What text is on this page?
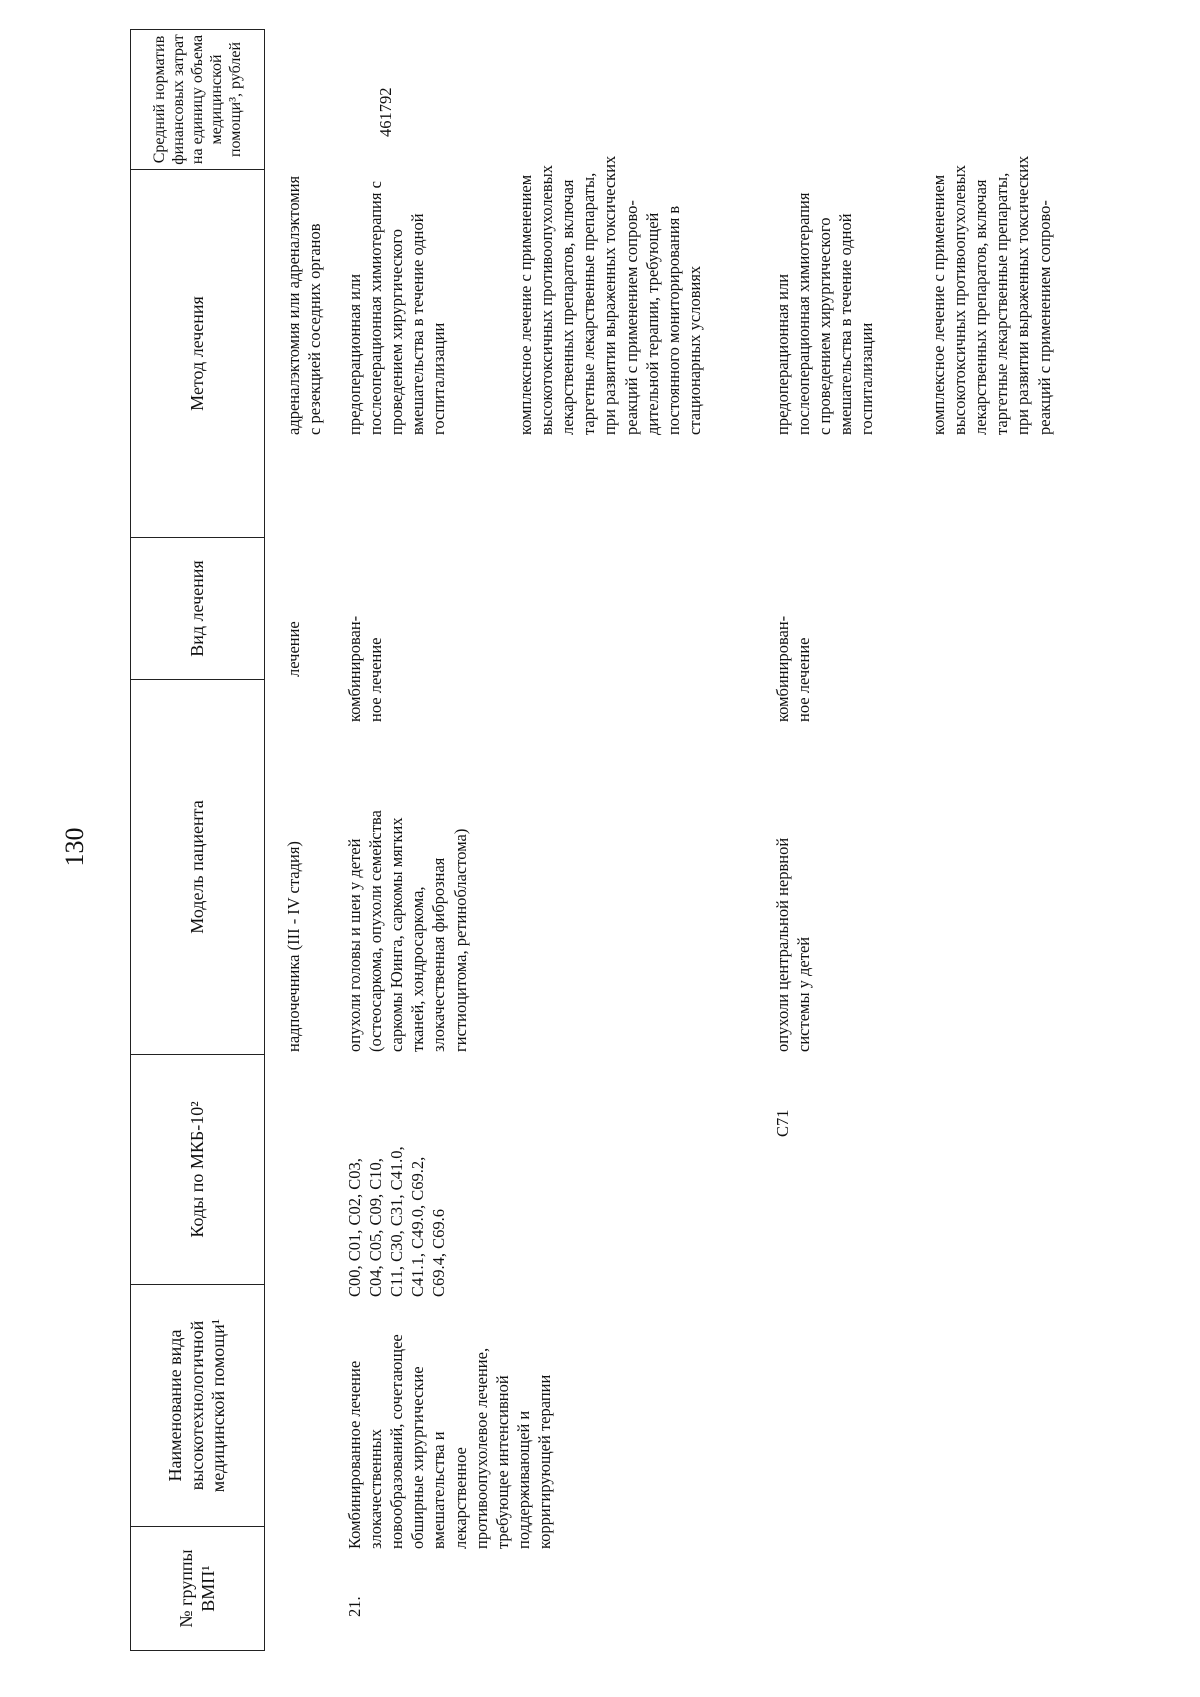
130
№ группы ВМП¹
Наименование вида высокотехнологичной медицинской помощи¹
Коды по МКБ-10²
Модель пациента
Вид лечения
Метод лечения
Средний норматив финансовых затрат на единицу объема медицинской помощи³, рублей
надпочечника (III - IV стадия)
лечение
адреналэктомия или адреналэктомия
с резекцией соседних органов
21.
Комбинированное лечение
злокачественных
новообразований, сочетающее
обширные хирургические
вмешательства и
лекарственное
противоопухолевое лечение,
требующее интенсивной
поддерживающей и
корригирующей терапии
C00, C01, C02, C03,
C04, C05, C09, C10,
C11, C30, C31, C41.0,
C41.1, C49.0, C69.2,
C69.4, C69.6
опухоли головы и шеи у детей
(остеосаркома, опухоли семейства
саркомы Юинга, саркомы мягких
тканей, хондросаркома,
злокачественная фиброзная
гистиоцитома, ретинобластома)
комбинирован-
ное лечение
предоперационная или
послеоперационная химиотерапия с
проведением хирургического
вмешательства в течение одной
госпитализации	комплексное лечение с применением
высокотоксичных противоопухолевых
лекарственных препаратов, включая
таргетные лекарственные препараты,
при развитии выраженных токсических
реакций с применением сопрово-
дительной терапии, требующей
постоянного мониторирования в
стационарных условиях
461792
C71
опухоли центральной нервной
системы у детей
комбинирован-
ное лечение
предоперационная или
послеоперационная химиотерапия
с проведением хирургического
вмешательства в течение одной
госпитализации	комплексное лечение с применением
высокотоксичных противоопухолевых
лекарственных препаратов, включая
таргетные лекарственные препараты,
при развитии выраженных токсических
реакций с применением сопрово-
